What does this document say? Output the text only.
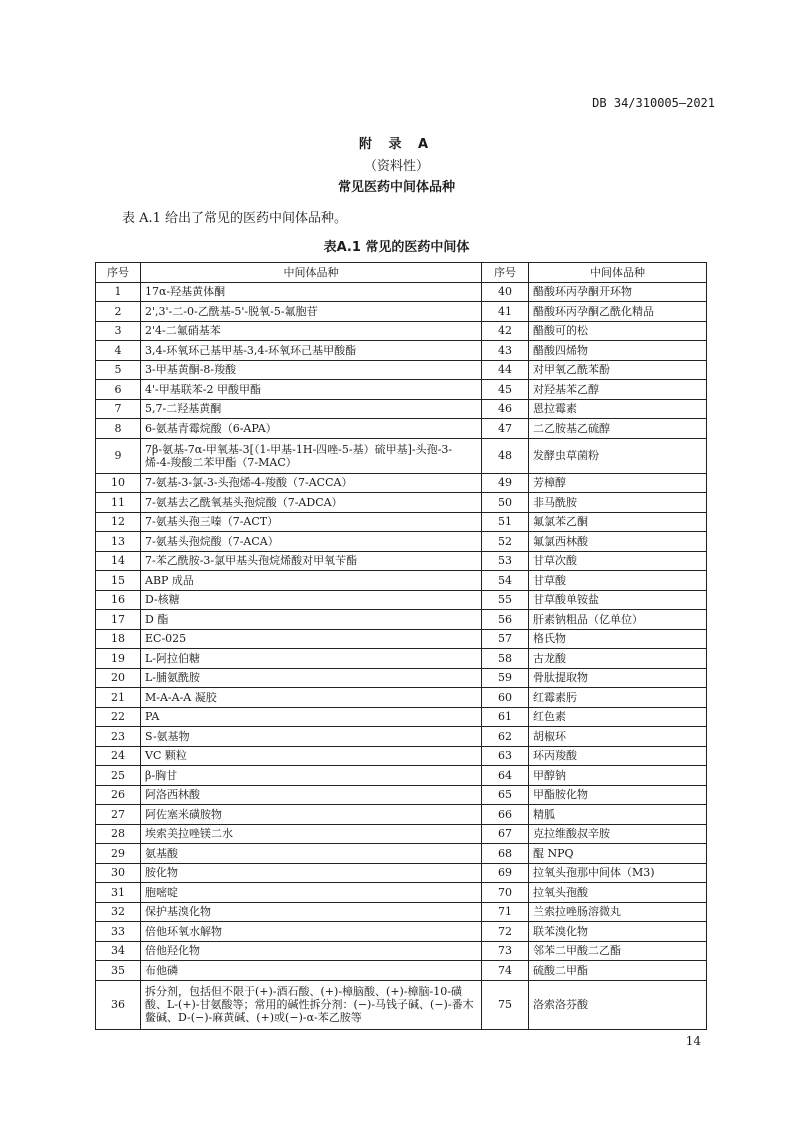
DB 34/310005—2021
附 录 A
（资料性）
常见医药中间体品种
表 A.1 给出了常见的医药中间体品种。
表A.1 常见的医药中间体
序号	中间体品种	序号	中间体品种
1	17α-羟基黄体酮	40	醋酸环丙孕酮开环物
2	2',3'-二-0-乙酰基-5'-脱氧-5-氟胞苷	41	醋酸环丙孕酮乙酰化精品
3	2'4-二氟硝基苯	42	醋酸可的松
4	3,4-环氧环己基甲基-3,4-环氧环己基甲酸酯	43	醋酸四烯物
5	3-甲基黄酮-8-羧酸	44	对甲氧乙酰苯酚
6	4'-甲基联苯-2 甲酸甲酯	45	对羟基苯乙醇
7	5,7-二羟基黄酮	46	恩拉霉素
8	6-氨基青霉烷酸（6-APA）	47	二乙胺基乙硫醇
9	7β-氨基-7α-甲氧基-3[（1-甲基-1H-四唑-5-基）硫甲基]-头孢-3-烯-4-羧酸二苯甲酯（7-MAC）	48	发酵虫草菌粉
10	7-氨基-3-氯-3-头孢烯-4-羧酸（7-ACCA）	49	芳樟醇
11	7-氨基去乙酰氧基头孢烷酸（7-ADCA）	50	非马酰胺
12	7-氨基头孢三嗪（7-ACT）	51	氟氯苯乙酮
13	7-氨基头孢烷酸（7-ACA）	52	氟氯西林酸
14	7-苯乙酰胺-3-氯甲基头孢烷烯酸对甲氧苄酯	53	甘草次酸
15	ABP 成品	54	甘草酸
16	D-核糖	55	甘草酸单铵盐
17	D 酯	56	肝素钠粗品（亿单位）
18	EC-025	57	格氏物
19	L-阿拉伯糖	58	古龙酸
20	L-脯氨酰胺	59	骨肽提取物
21	M-A-A-A 凝胶	60	红霉素肟
22	PA	61	红色素
23	S-氨基物	62	胡椒环
24	VC 颗粒	63	环丙羧酸
25	β-胸甘	64	甲醇钠
26	阿洛西林酸	65	甲酯胺化物
27	阿佐塞米磺胺物	66	精胍
28	埃索美拉唑镁二水	67	克拉维酸叔辛胺
29	氨基酸	68	醌 NPQ
30	胺化物	69	拉氧头孢那中间体（M3)
31	胞嘧啶	70	拉氧头孢酸
32	保护基溴化物	71	兰索拉唑肠溶微丸
33	倍他环氧水解物	72	联苯溴化物
34	倍他羟化物	73	邻苯二甲酸二乙酯
35	布他磷	74	硫酸二甲酯
36	拆分剂，包括但不限于(+)-酒石酸、(+)-樟脑酸、(+)-樟脑-10-磺酸、L-(+)-甘氨酸等；常用的碱性拆分剂：(−)-马钱子碱、(−)-番木鳖碱、D-(−)-麻黄碱、(+)或(−)-α-苯乙胺等	75	洛索洛芬酸
14
